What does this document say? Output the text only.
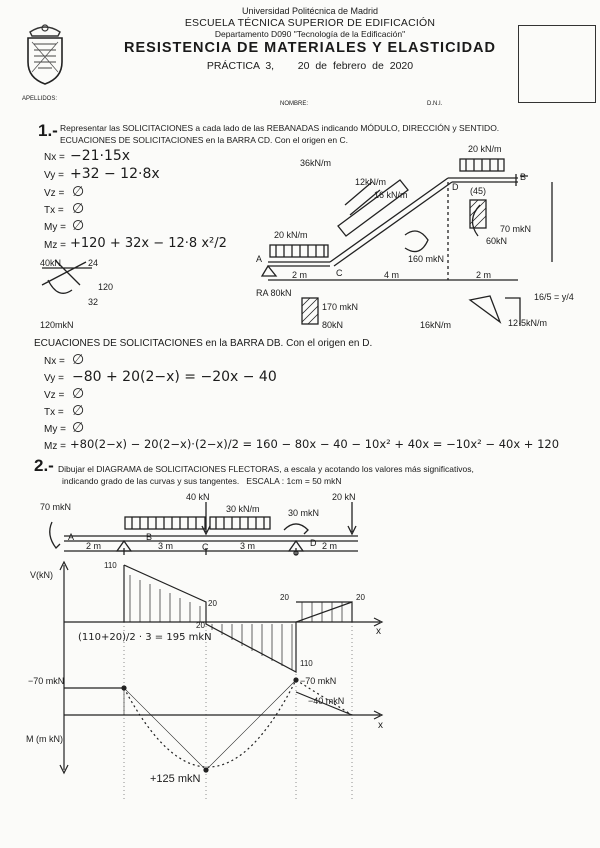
Universidad Politécnica de Madrid
ESCUELA TÉCNICA SUPERIOR DE EDIFICACIÓN
Departamento D090 "Tecnología de la Edificación"
RESISTENCIA DE MATERIALES Y ELASTICIDAD
PRÁCTICA 3, 20 de febrero de 2020
APELLIDOS:
NOMBRE:	D.N.I.
1.- Representar las SOLICITACIONES a cada lado de las REBANADAS indicando MÓDULO, DIRECCIÓN y SENTIDO.
ECUACIONES DE SOLICITACIONES en la BARRA CD. Con el origen en C.
Nx = −21·15x
Vy = +32 − 12·8x
Vz = ∅
Tx = ∅
My = ∅
Mz = +120 + 32x − 12·8 x²/2
40kN	24
120
32
120mkN
36kN/m
12kN/m
16 kN/m
20 kN/m
20 kN/m
B
D
C
A
2 m	4 m	2 m
RA 80kN
170 mkN
80kN
60kN
70 mkN
160 mkN
16kN/m	12·5kN/m
16/5 = y/4
(45)
ECUACIONES DE SOLICITACIONES en la BARRA DB. Con el origen en D.
Nx = ∅
Vy = −80 + 20(2−x) = −20x − 40
Vz = ∅
Tx = ∅
My = ∅
Mz = +80(2−x) − 20(2−x)·(2−x)/2 = 160 − 80x − 40 − 10x² + 40x = −10x² − 40x + 120
2.- Dibujar el DIAGRAMA de SOLICITACIONES FLECTORAS, a escala y acotando los valores más significativos,
indicando grado de las curvas y sus tangentes. ESCALA : 1cm = 50 mkN
70 mkN
40 kN	20 kN
30 kN/m	30 mkN
A	B
C	D
2 m	3 m	3 m	2 m
V(kN)
x
110
20
20
20	20
110
(110+20)/2 · 3 = 195 mkN
M (m kN)
x
−70 mkN	−70 mkN
−40 mkN
+125 mkN
